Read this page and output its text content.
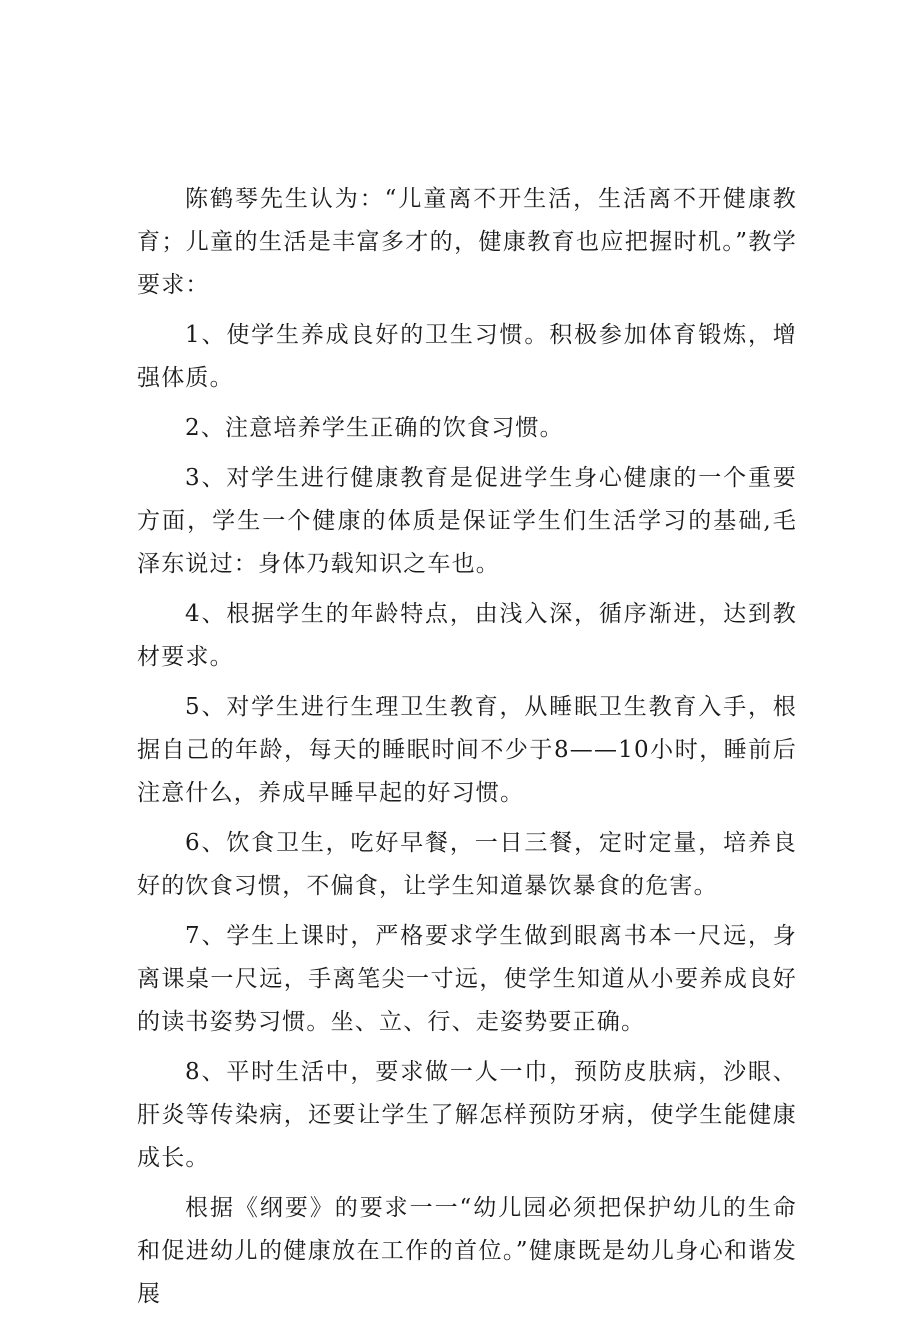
陈鹤琴先生认为：“儿童离不开生活，生活离不开健康教育；儿童的生活是丰富多才的，健康教育也应把握时机。”教学要求：

1、使学生养成良好的卫生习惯。积极参加体育锻炼，增强体质。

2、注意培养学生正确的饮食习惯。

3、对学生进行健康教育是促进学生身心健康的一个重要方面，学生一个健康的体质是保证学生们生活学习的基础,毛泽东说过：身体乃载知识之车也。

4、根据学生的年龄特点，由浅入深，循序渐进，达到教材要求。

5、对学生进行生理卫生教育，从睡眠卫生教育入手，根据自己的年龄，每天的睡眠时间不少于8——10小时，睡前后注意什么，养成早睡早起的好习惯。

6、饮食卫生，吃好早餐，一日三餐，定时定量，培养良好的饮食习惯，不偏食，让学生知道暴饮暴食的危害。

7、学生上课时，严格要求学生做到眼离书本一尺远，身离课桌一尺远，手离笔尖一寸远，使学生知道从小要养成良好的读书姿势习惯。坐、立、行、走姿势要正确。

8、平时生活中，要求做一人一巾，预防皮肤病，沙眼、肝炎等传染病，还要让学生了解怎样预防牙病，使学生能健康成长。

根据《纲要》的要求一一“幼儿园必须把保护幼儿的生命和促进幼儿的健康放在工作的首位。”健康既是幼儿身心和谐发展
